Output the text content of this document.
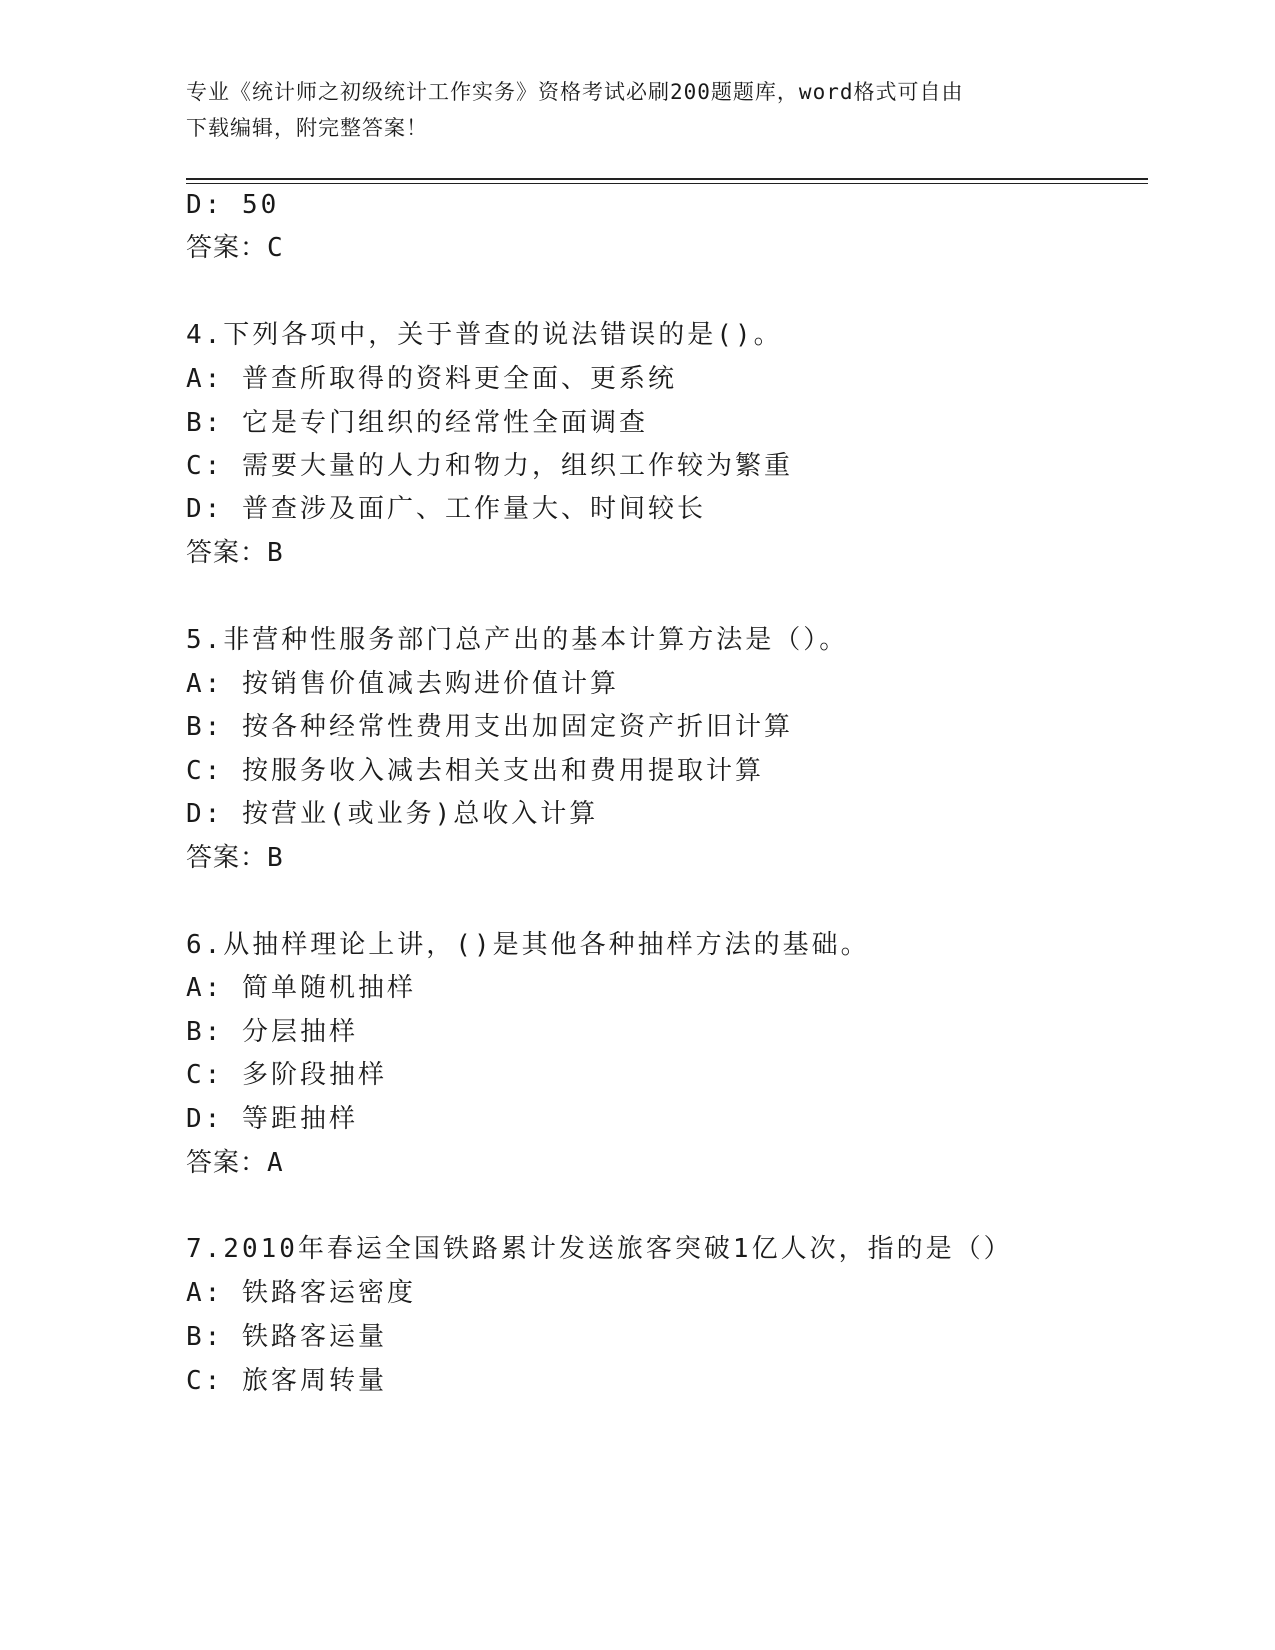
专业《统计师之初级统计工作实务》资格考试必刷200题题库，word格式可自由
下载编辑，附完整答案！
D: 50
答案：C
4.下列各项中，关于普查的说法错误的是()。
A: 普查所取得的资料更全面、更系统
B: 它是专门组织的经常性全面调查
C: 需要大量的人力和物力，组织工作较为繁重
D: 普查涉及面广、工作量大、时间较长
答案：B
5.非营种性服务部门总产出的基本计算方法是（）。
A: 按销售价值减去购进价值计算
B: 按各种经常性费用支出加固定资产折旧计算
C: 按服务收入减去相关支出和费用提取计算
D: 按营业(或业务)总收入计算
答案：B
6.从抽样理论上讲，()是其他各种抽样方法的基础。
A: 简单随机抽样
B: 分层抽样
C: 多阶段抽样
D: 等距抽样
答案：A
7.2010年春运全国铁路累计发送旅客突破1亿人次，指的是（）
A: 铁路客运密度
B: 铁路客运量
C: 旅客周转量
